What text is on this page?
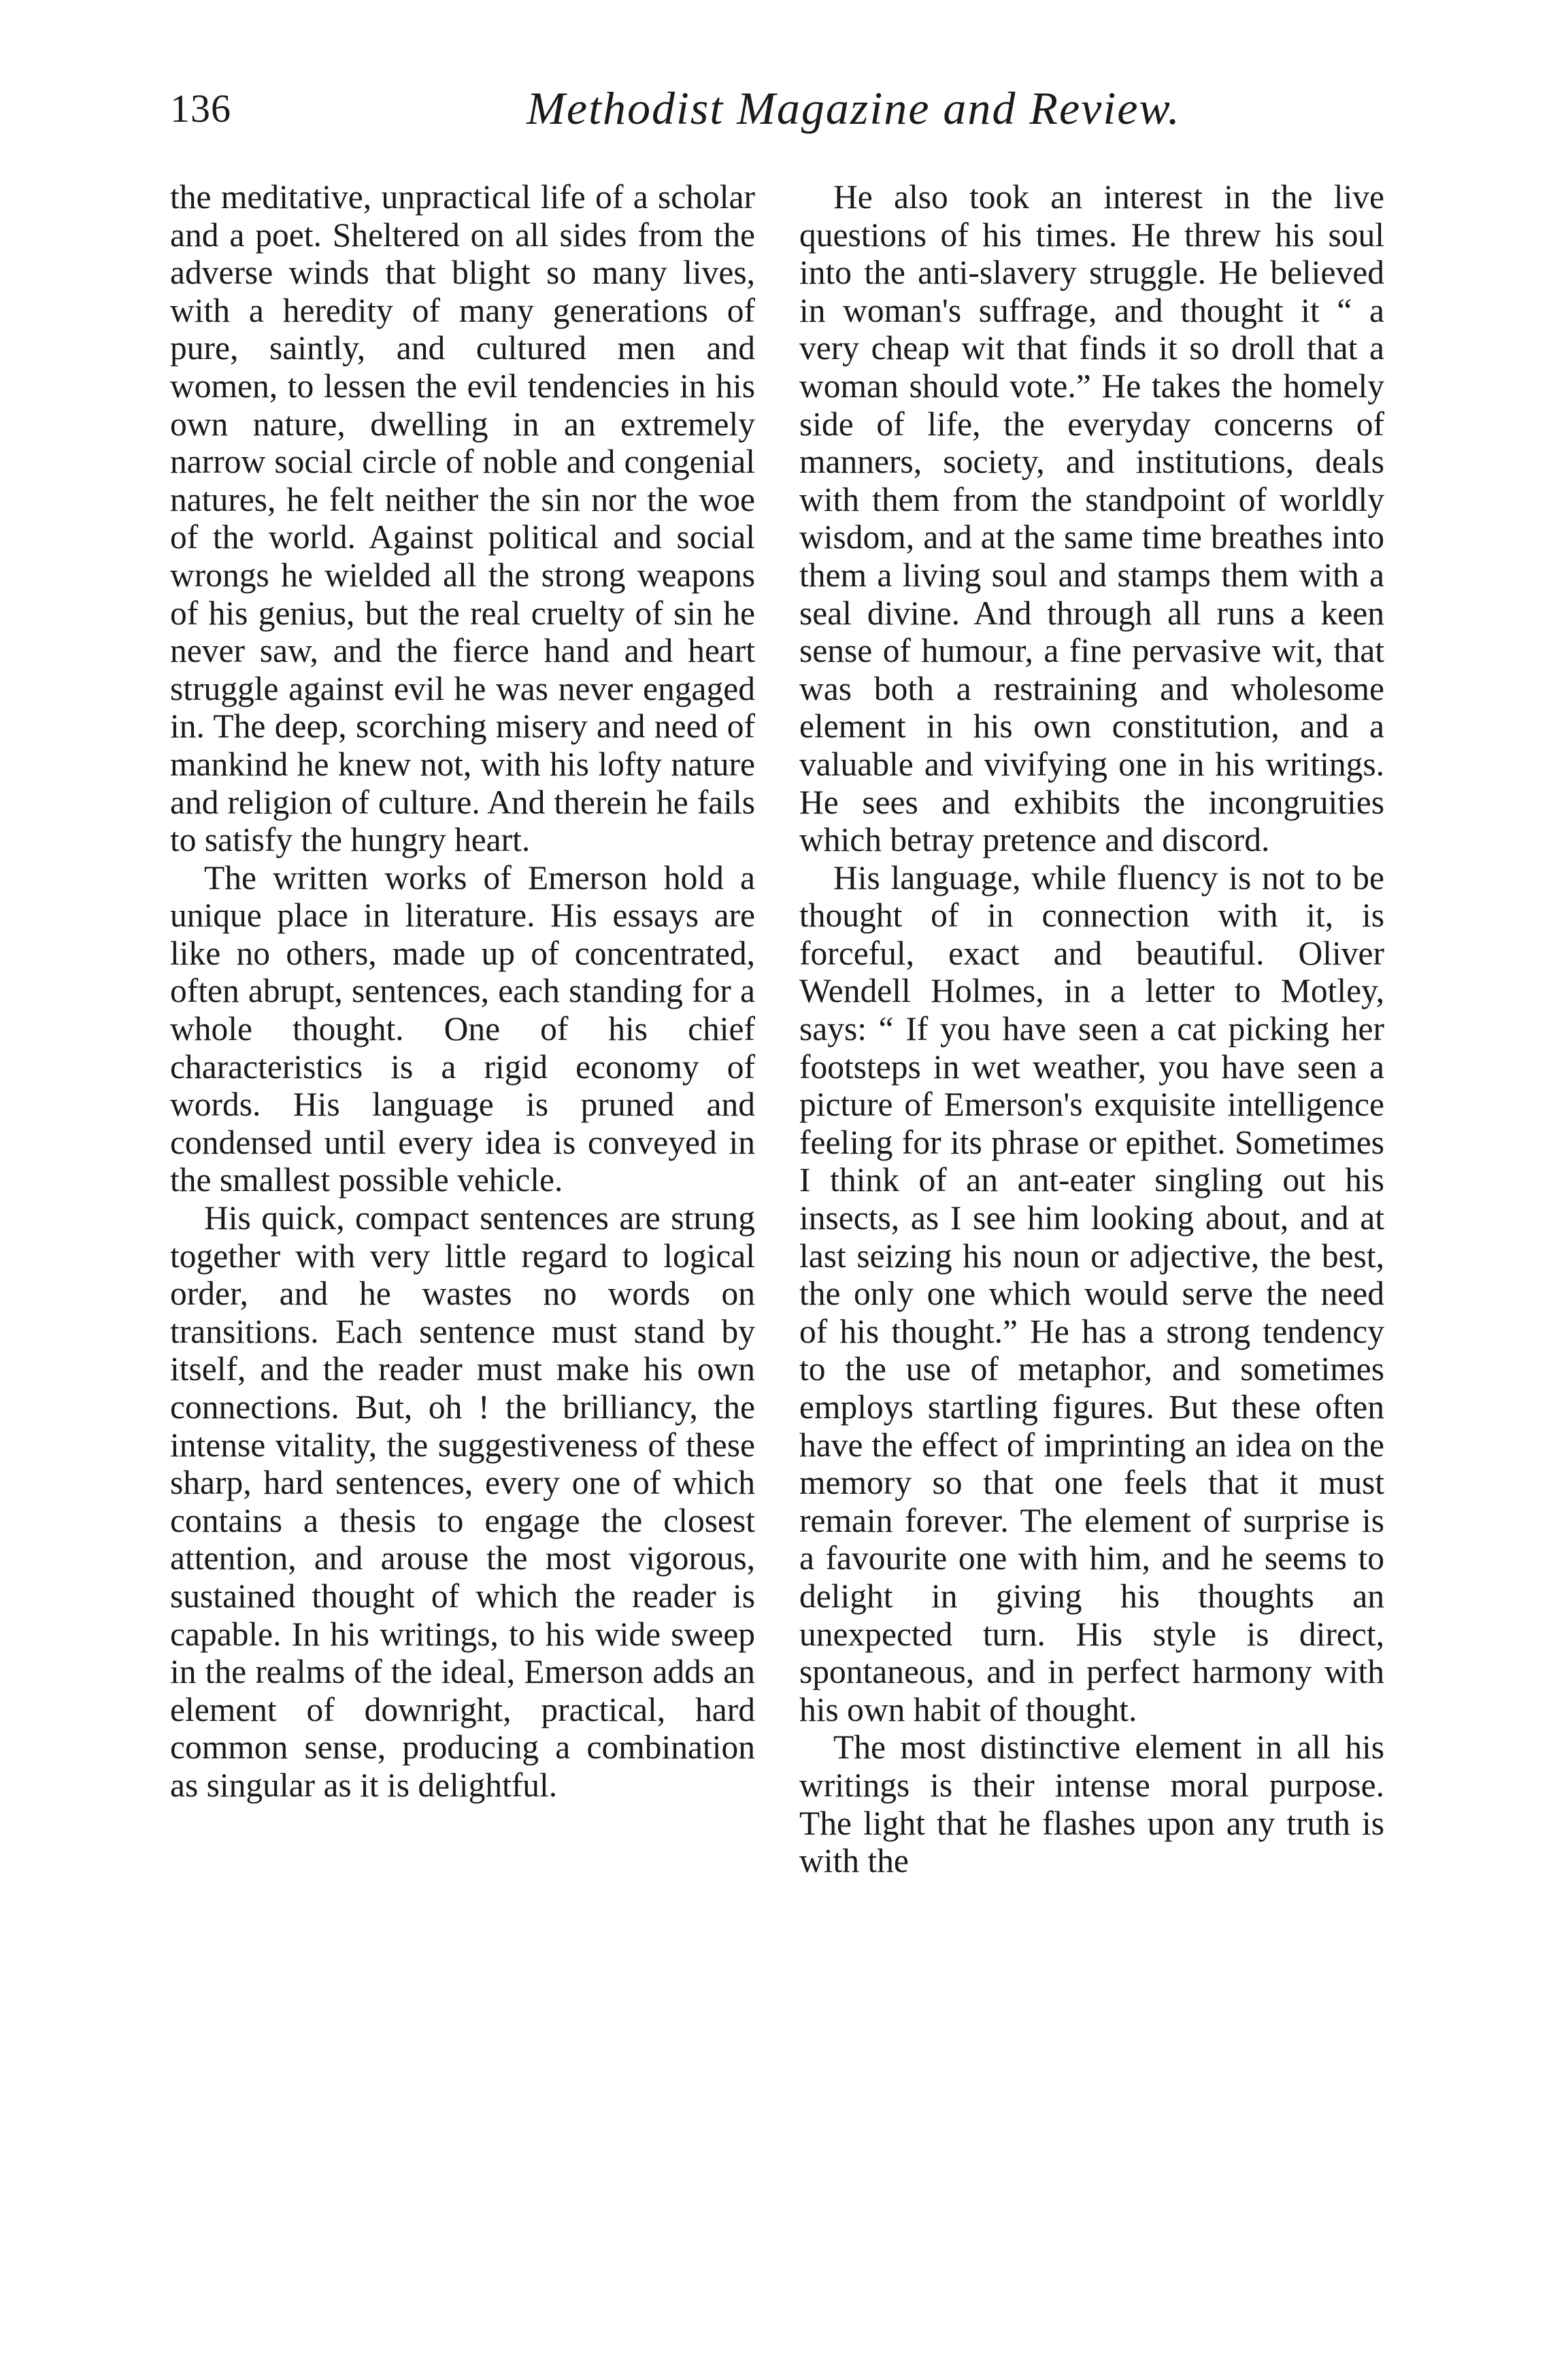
136	Methodist Magazine and Review.

the meditative, unpractical life of a scholar and a poet. Sheltered on all sides from the adverse winds that blight so many lives, with a heredity of many generations of pure, saintly, and cultured men and women, to lessen the evil tendencies in his own nature, dwelling in an extremely narrow social circle of noble and congenial natures, he felt neither the sin nor the woe of the world. Against political and social wrongs he wielded all the strong weapons of his genius, but the real cruelty of sin he never saw, and the fierce hand and heart struggle against evil he was never engaged in. The deep, scorching misery and need of mankind he knew not, with his lofty nature and religion of culture. And therein he fails to satisfy the hungry heart.

The written works of Emerson hold a unique place in literature. His essays are like no others, made up of concentrated, often abrupt, sentences, each standing for a whole thought. One of his chief characteristics is a rigid economy of words. His language is pruned and condensed until every idea is conveyed in the smallest possible vehicle.

His quick, compact sentences are strung together with very little regard to logical order, and he wastes no words on transitions. Each sentence must stand by itself, and the reader must make his own connections. But, oh ! the brilliancy, the intense vitality, the suggestiveness of these sharp, hard sentences, every one of which contains a thesis to engage the closest attention, and arouse the most vigorous, sustained thought of which the reader is capable. In his writings, to his wide sweep in the realms of the ideal, Emerson adds an element of downright, practical, hard common sense, producing a combination as singular as it is delightful.

He also took an interest in the live questions of his times. He threw his soul into the anti-slavery struggle. He believed in woman's suffrage, and thought it “ a very cheap wit that finds it so droll that a woman should vote.” He takes the homely side of life, the everyday concerns of manners, society, and institutions, deals with them from the standpoint of worldly wisdom, and at the same time breathes into them a living soul and stamps them with a seal divine. And through all runs a keen sense of humour, a fine pervasive wit, that was both a restraining and wholesome element in his own constitution, and a valuable and vivifying one in his writings. He sees and exhibits the incongruities which betray pretence and discord.

His language, while fluency is not to be thought of in connection with it, is forceful, exact and beautiful. Oliver Wendell Holmes, in a letter to Motley, says: “ If you have seen a cat picking her footsteps in wet weather, you have seen a picture of Emerson's exquisite intelligence feeling for its phrase or epithet. Sometimes I think of an ant-eater singling out his insects, as I see him looking about, and at last seizing his noun or adjective, the best, the only one which would serve the need of his thought.” He has a strong tendency to the use of metaphor, and sometimes employs startling figures. But these often have the effect of imprinting an idea on the memory so that one feels that it must remain forever. The element of surprise is a favourite one with him, and he seems to delight in giving his thoughts an unexpected turn. His style is direct, spontaneous, and in perfect harmony with his own habit of thought.

The most distinctive element in all his writings is their intense moral purpose. The light that he flashes upon any truth is with the
